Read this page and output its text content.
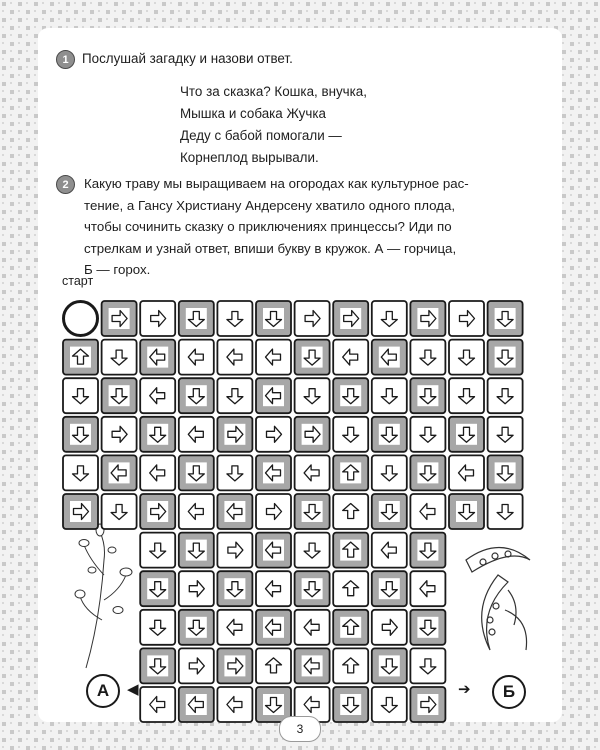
1	Послушай загадку и назови ответ.
Что за сказка? Кошка, внучка,
Мышка и собака Жучка
Деду с бабой помогали —
Корнеплод вырывали.
2	Какую траву мы выращиваем на огородах как культурное рас-
тение, а Гансу Христиану Андерсену хватило одного плода,
чтобы сочинить сказку о приключениях принцессы? Иди по
стрелкам и узнай ответ, впиши букву в кружок. А — горчица,
Б — горох.
старт
А	◀	➔	Б
3
